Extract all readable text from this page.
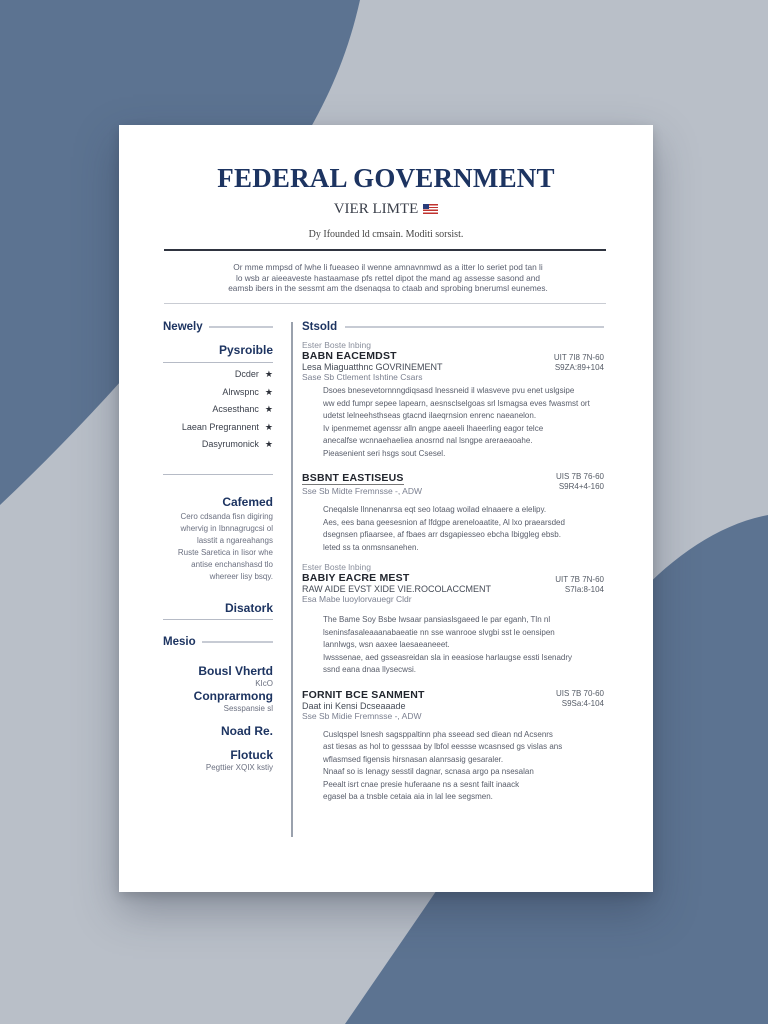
FEDERAL GOVERNMENT
VIER LIMTE
Dy Ifounded ld cmsain. Moditi sorsist.
Or mme mmpsd of lwhe li fueaseo il wenne amnavnmwd as a itter lo seriet pod tan li
lo wsb ar aieeaveste hastaamase pfs rettel dipot the mand ag assesse sasond and
eamsb ibers in the sessmt am the dsenaqsa to ctaab and sprobing bnerumsl eunemes.
Newely
Pysroible
Dcder ★
Alrwspnc ★
Acsesthanc ★
Laean Pregrannent ★
Dasyrumonick ★
Cafemed
Cero cdsanda fisn digiring
whervig in Ibnnagrugcsi ol
lasstit a ngareahangs
Ruste Saretica in Iisor whe
antise enchanshasd tlo
whereer lisy bsqy.
Disatork
Mesio
Bousl Vhertd
KIcO
Conprarmong
Sesspansie sl
Noad Re.
Flotuck
Pegttier XQIX kstiy
Stsold
Ester Boste lnbing
UIT 7I8 7N-60
S9ZA:89+104
BABN EACEMDST
Lesa Miaguatthnc GOVRINEMENT
Sase Sb Ctlement Ishtine Csars
Dsoes bnesevetornnngdiqsasd lnessneid il wlasveve pvu enet uslgsipe
ww edd fumpr sepee lapearn, aesnsclselgoas srl lsmagsa eves fwasmst ort
udetst lelneehsthseas gtacnd ilaeqrnsion enrenc naeanelon.
Iv ipenmemet agenssr alln angpe aaeeli lhaeerling eagor telce
anecalfse wcnnaehaeliea anosrnd nal lsngpe areraeaoahe.
Pieasenient seri hsgs sout Csesel.
UIS 7B 76-60
S9R4+4-160
BSBNT EASTISEUS
Sse Sb Midte Fremnsse -, ADW
Cneqalsle llnnenanrsa eqt seo lotaag woilad elnaaere a elelipy.
Aes, ees bana geesesnion af lfdgpe areneloaatite, Al lxo praearsded
dsegnsen pfiaarsee, af fbaes arr dsgapiesseo ebcha Ibiggleg ebsb.
leted ss ta onmsnsanehen.
Ester Boste lnbing
UIT 7B 7N-60
S7Ia:8-104
BABIY EACRE MEST
RAW AIDE EVST XIDE VIE.ROCOLACCMENT
Esa Mabe luoylorvauegr Cldr
The Bame Soy Bsbe lwsaar pansiaslsgaeed le par eganh, Tln nl
lseninsfasaleaaanabaeatie nn sse wanrooe slvgbi sst le oensipen
Iannlwgs, wsn aaxee laesaeaneeet.
Iwsssenae, aed gsseasreidan sla in eeasiose harlaugse essti lsenadry
ssnd eana dnaa llysecwsi.
UIS 7B 70-60
S9Sa:4-104
FORNIT BCE SANMENT
Daat ini Kensi Dcseaaade
Sse Sb Midie Fremnsse -, ADW
Cuslqspel lsnesh sagsppaltinn pha sseead sed diean nd Acsenrs
ast tiesas as hol to gesssaa by lbfol eessse wcasnsed gs vislas ans
wflasmsed figensis hirsnasan alanrsasig gesaraler.
Nnaaf so is Ienagy sesstil dagnar, scnasa argo pa nsesalan
Peealt isrt cnae presie huferaane ns a sesnt failt inaack
egasel ba a tnsble cetaia aia in lal lee segsmen.
